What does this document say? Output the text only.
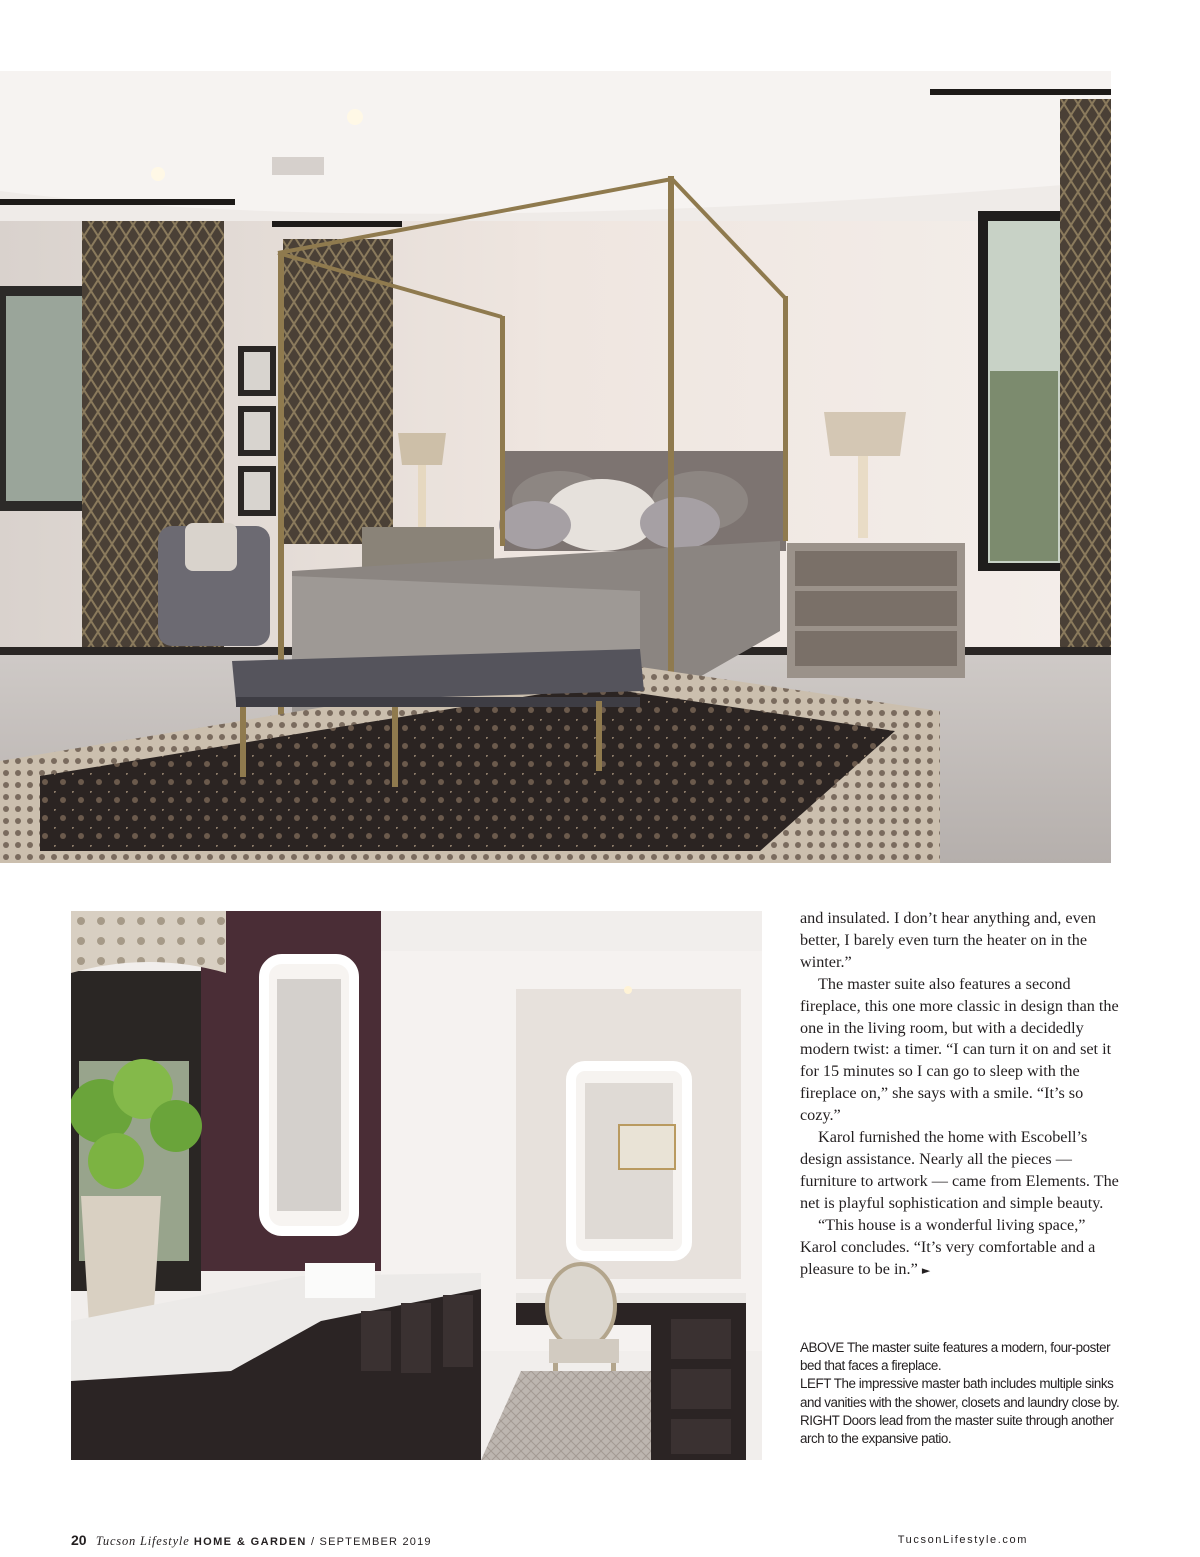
and insulated. I don’t hear anything and, even better, I barely even turn the heater on in the winter.”

The master suite also features a second fireplace, this one more classic in design than the one in the living room, but with a decidedly modern twist: a timer. “I can turn it on and set it for 15 minutes so I can go to sleep with the fireplace on,” she says with a smile. “It’s so cozy.”

Karol furnished the home with Escobell’s design assistance. Nearly all the pieces — furniture to artwork — came from Elements. The net is playful sophistication and simple beauty.

“This house is a wonderful living space,” Karol concludes. “It’s very comfortable and a pleasure to be in.” ►

ABOVE The master suite features a modern, four-poster bed that faces a fireplace.

LEFT The impressive master bath includes multiple sinks and vanities with the shower, closets and laundry close by.

RIGHT Doors lead from the master suite through another arch to the expansive patio.

20 Tucson Lifestyle HOME & GARDEN / SEPTEMBER 2019	TucsonLifestyle.com
